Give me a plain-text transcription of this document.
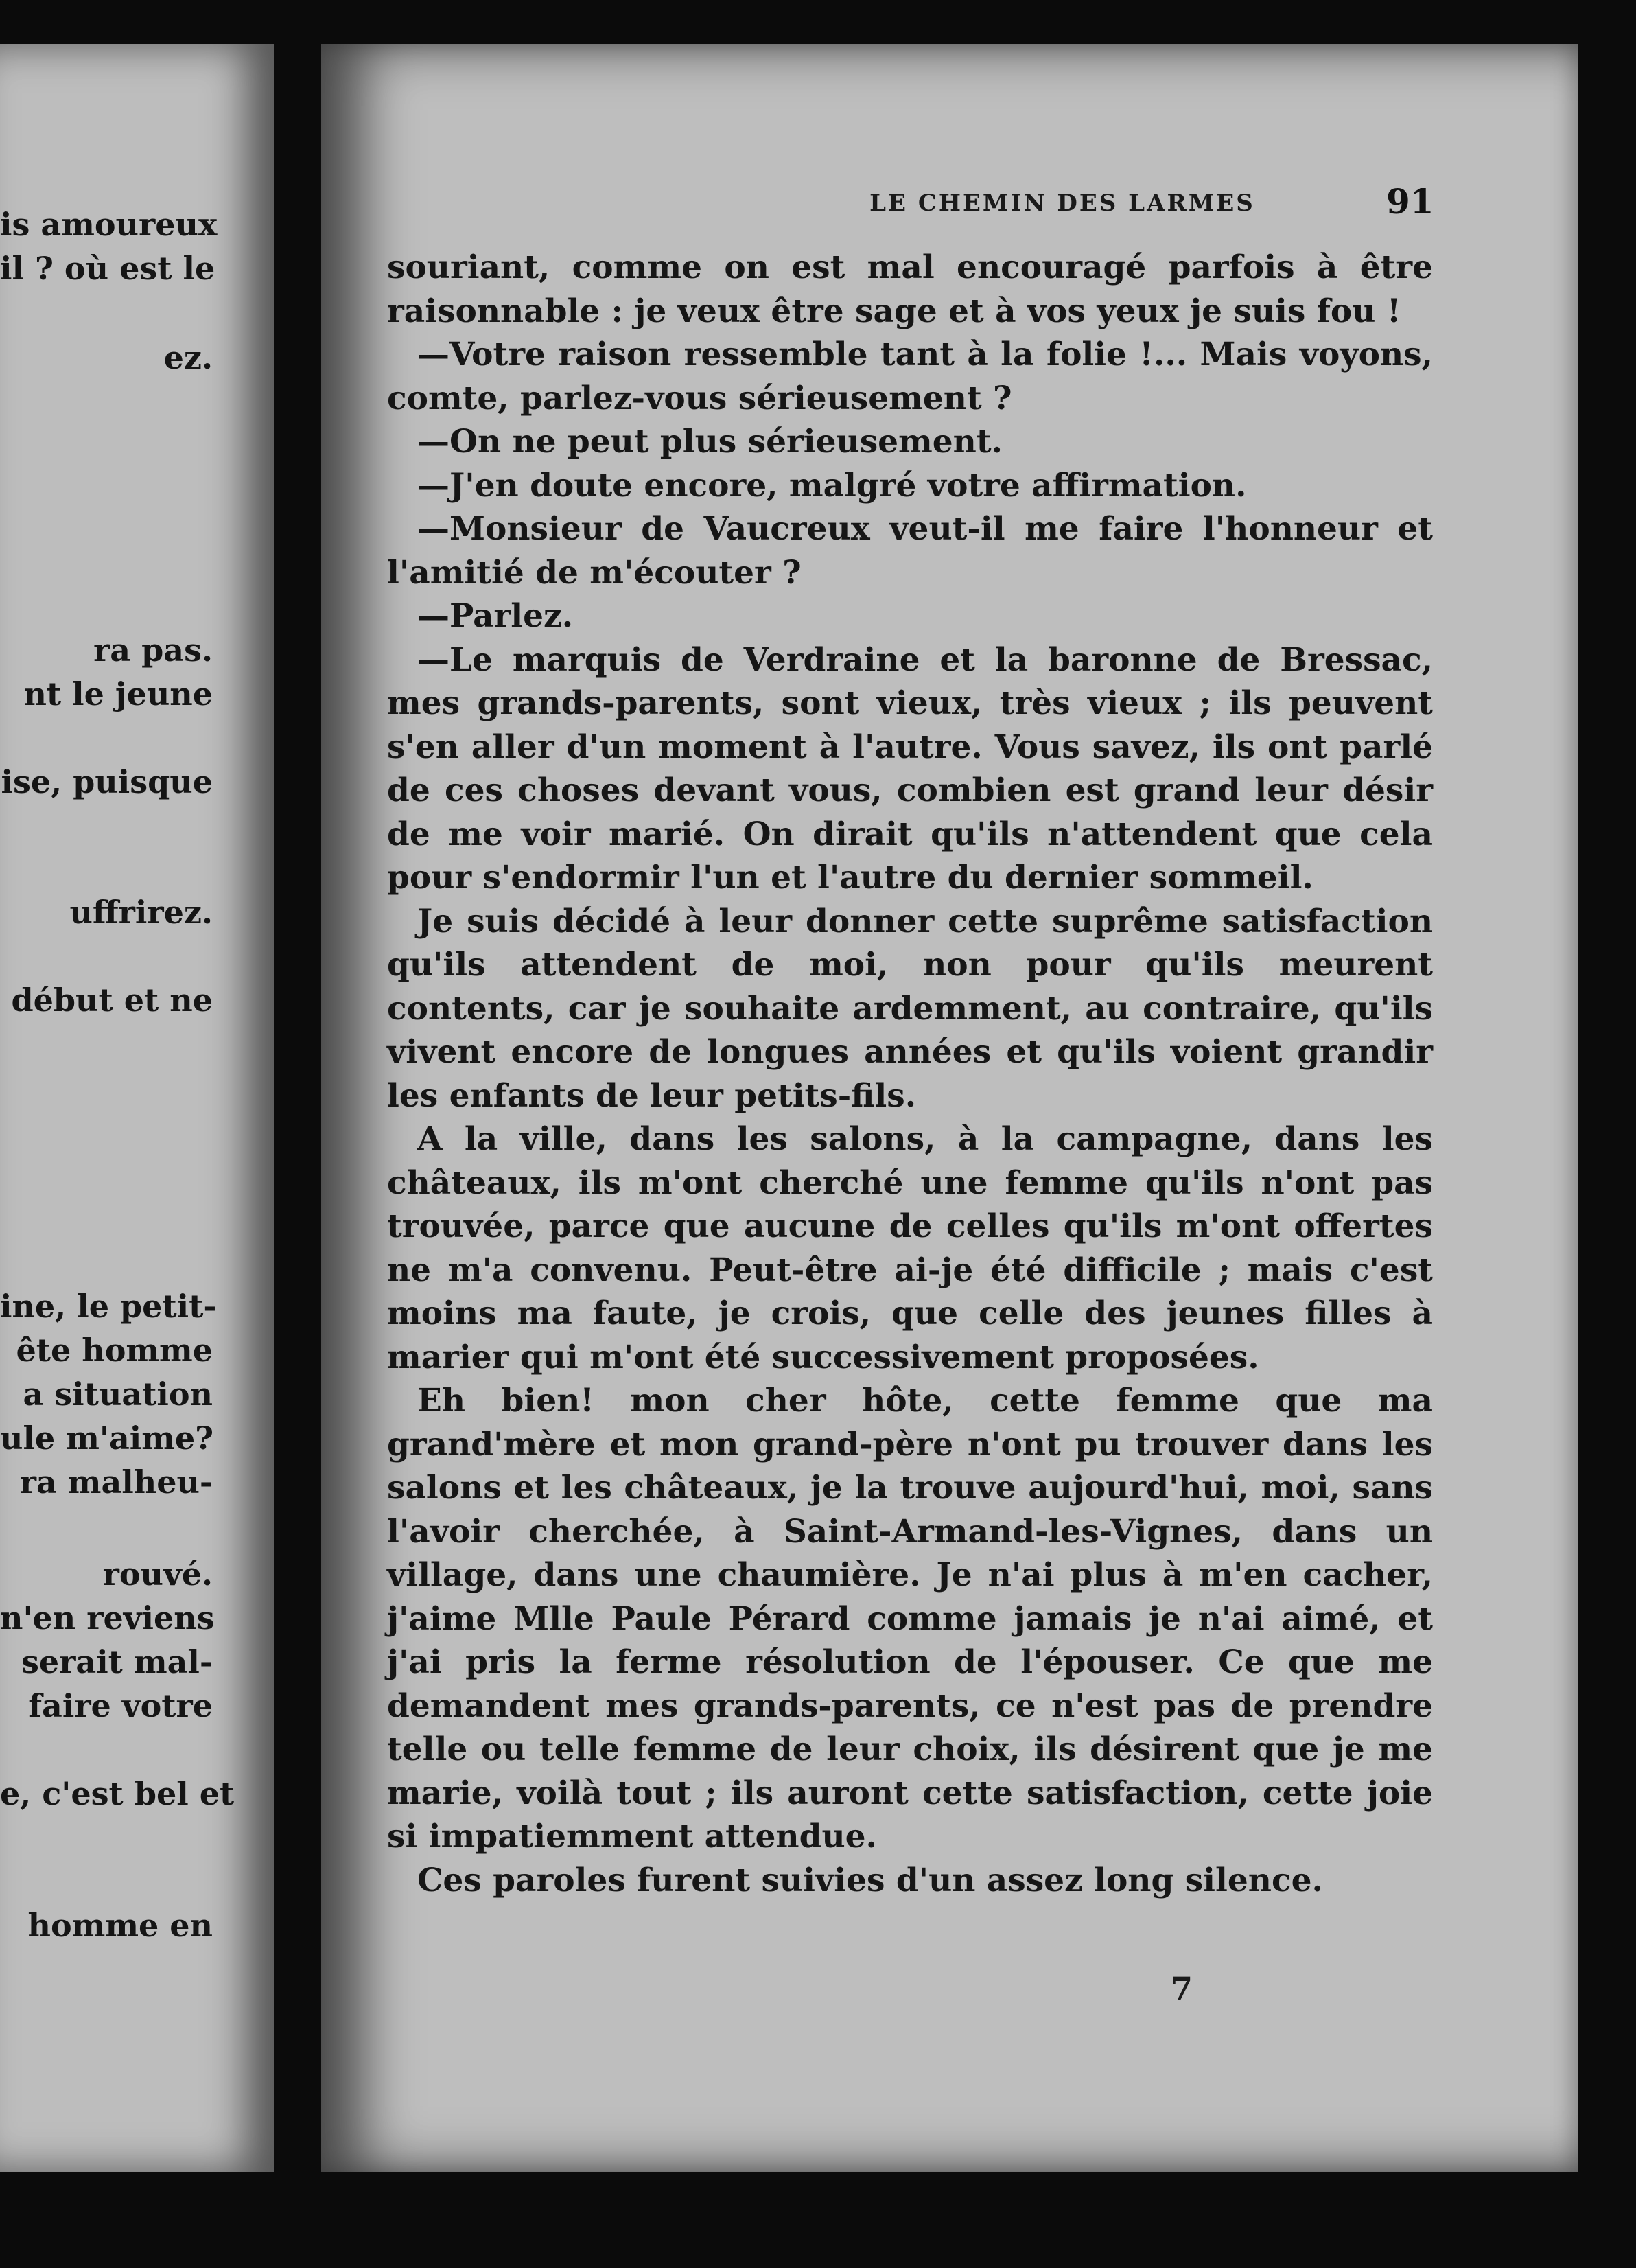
is amoureux
il ? où est le
ez.
ra pas.
nt le jeune
ise, puisque
uffrirez.
début et ne
ine, le petit-
ête homme
a situation
ule m'aime?
ra malheu-
rouvé.
n'en reviens
serait mal-
faire votre
e, c'est bel et
homme en
LE CHEMIN DES LARMES	91

souriant, comme on est mal encouragé parfois à être raisonnable : je veux être sage et à vos yeux je suis fou !

—Votre raison ressemble tant à la folie !... Mais voyons, comte, parlez-vous sérieusement ?

—On ne peut plus sérieusement.

—J'en doute encore, malgré votre affirmation.

—Monsieur de Vaucreux veut-il me faire l'honneur et l'amitié de m'écouter ?

—Parlez.

—Le marquis de Verdraine et la baronne de Bressac, mes grands-parents, sont vieux, très vieux ; ils peuvent s'en aller d'un moment à l'autre. Vous savez, ils ont parlé de ces choses devant vous, combien est grand leur désir de me voir marié. On dirait qu'ils n'attendent que cela pour s'endormir l'un et l'autre du dernier sommeil.

Je suis décidé à leur donner cette suprême satisfaction qu'ils attendent de moi, non pour qu'ils meurent contents, car je souhaite ardemment, au contraire, qu'ils vivent encore de longues années et qu'ils voient grandir les enfants de leur petits-fils.

A la ville, dans les salons, à la campagne, dans les châteaux, ils m'ont cherché une femme qu'ils n'ont pas trouvée, parce que aucune de celles qu'ils m'ont offertes ne m'a convenu. Peut-être ai-je été difficile ; mais c'est moins ma faute, je crois, que celle des jeunes filles à marier qui m'ont été successivement proposées.

Eh bien! mon cher hôte, cette femme que ma grand'mère et mon grand-père n'ont pu trouver dans les salons et les châteaux, je la trouve aujourd'hui, moi, sans l'avoir cherchée, à Saint-Armand-les-Vignes, dans un village, dans une chaumière. Je n'ai plus à m'en cacher, j'aime Mlle Paule Pérard comme jamais je n'ai aimé, et j'ai pris la ferme résolution de l'épouser. Ce que me demandent mes grands-parents, ce n'est pas de prendre telle ou telle femme de leur choix, ils désirent que je me marie, voilà tout ; ils auront cette satisfaction, cette joie si impatiemment attendue.

Ces paroles furent suivies d'un assez long silence.

7
